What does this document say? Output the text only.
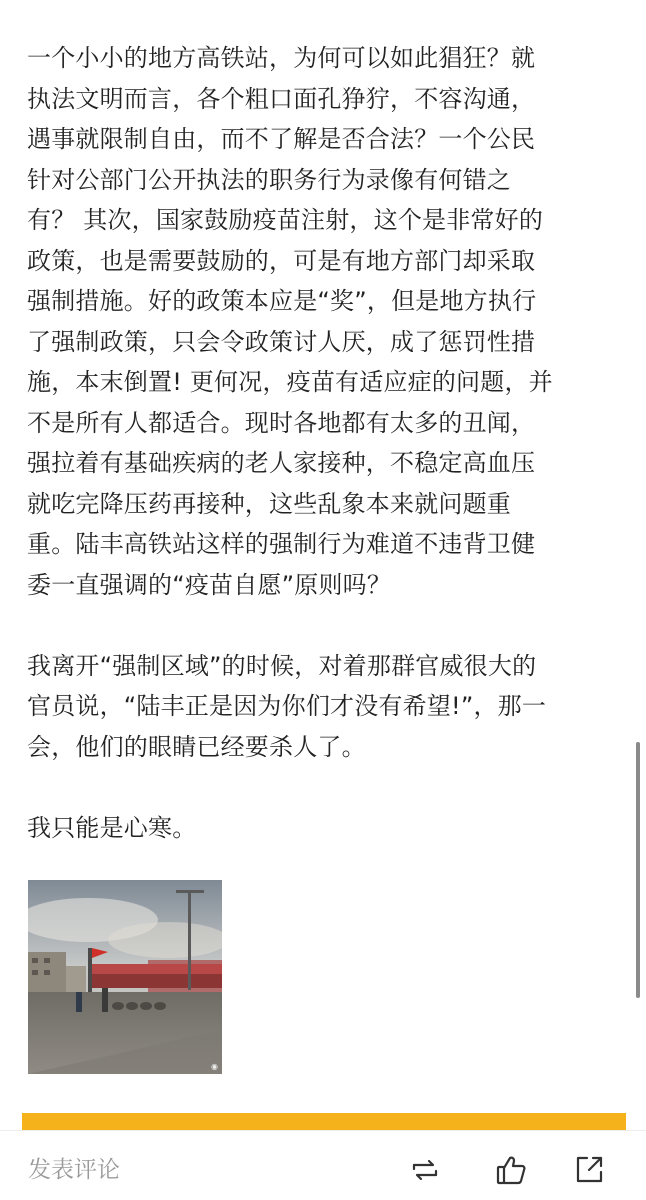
一个小小的地方高铁站，为何可以如此猖狂？就
执法文明而言，各个粗口面孔狰狞，不容沟通，
遇事就限制自由，而不了解是否合法？一个公民
针对公部门公开执法的职务行为录像有何错之
有？ 其次，国家鼓励疫苗注射，这个是非常好的
政策，也是需要鼓励的，可是有地方部门却采取
强制措施。好的政策本应是“奖”，但是地方执行
了强制政策，只会令政策讨人厌，成了惩罚性措
施，本末倒置! 更何况，疫苗有适应症的问题，并
不是所有人都适合。现时各地都有太多的丑闻，
强拉着有基础疾病的老人家接种，不稳定高血压
就吃完降压药再接种，这些乱象本来就问题重
重。陆丰高铁站这样的强制行为难道不违背卫健
委一直强调的“疫苗自愿”原则吗？
我离开“强制区域”的时候，对着那群官威很大的
官员说，“陆丰正是因为你们才没有希望!”，那一
会，他们的眼睛已经要杀人了。
我只能是心寒。
◉
发表评论
